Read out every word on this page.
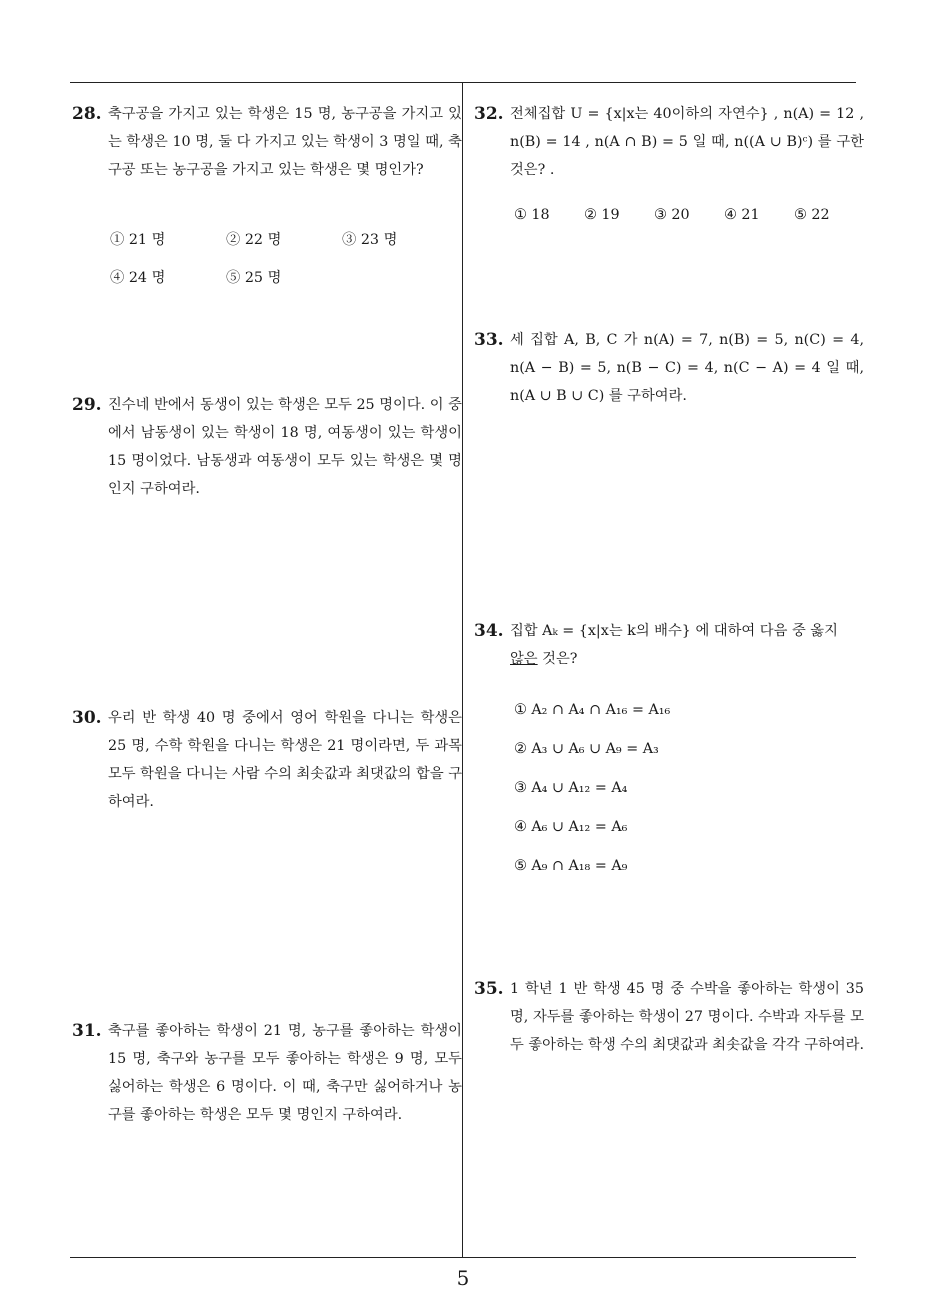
28. 축구공을 가지고 있는 학생은 15 명, 농구공을 가지고 있는 학생은 10 명, 둘 다 가지고 있는 학생이 3 명일 때, 축구공 또는 농구공을 가지고 있는 학생은 몇 명인가?
① 21 명	② 22 명	③ 23 명
④ 24 명	⑤ 25 명
29. 진수네 반에서 동생이 있는 학생은 모두 25 명이다. 이 중에서 남동생이 있는 학생이 18 명, 여동생이 있는 학생이 15 명이었다. 남동생과 여동생이 모두 있는 학생은 몇 명인지 구하여라.
30. 우리 반 학생 40 명 중에서 영어 학원을 다니는 학생은 25 명, 수학 학원을 다니는 학생은 21 명이라면, 두 과목 모두 학원을 다니는 사람 수의 최솟값과 최댓값의 합을 구하여라.
31. 축구를 좋아하는 학생이 21 명, 농구를 좋아하는 학생이 15 명, 축구와 농구를 모두 좋아하는 학생은 9 명, 모두 싫어하는 학생은 6 명이다. 이 때, 축구만 싫어하거나 농구를 좋아하는 학생은 모두 몇 명인지 구하여라.
32. 전체집합 U = {x|x는 40이하의 자연수} , n(A) = 12 , n(B) = 14 , n(A ∩ B) = 5 일 때, n((A ∪ B)ᶜ) 를 구한 것은? .
① 18 ② 19 ③ 20 ④ 21 ⑤ 22
33. 세 집합 A, B, C 가 n(A) = 7, n(B) = 5, n(C) = 4, n(A − B) = 5, n(B − C) = 4, n(C − A) = 4 일 때, n(A ∪ B ∪ C) 를 구하여라.
34. 집합 Aₖ = {x|x는 k의 배수} 에 대하여 다음 중 옳지
않은 것은?
① A₂ ∩ A₄ ∩ A₁₆ = A₁₆
② A₃ ∪ A₆ ∪ A₉ = A₃
③ A₄ ∪ A₁₂ = A₄
④ A₆ ∪ A₁₂ = A₆
⑤ A₉ ∩ A₁₈ = A₉
35. 1 학년 1 반 학생 45 명 중 수박을 좋아하는 학생이 35 명, 자두를 좋아하는 학생이 27 명이다. 수박과 자두를 모두 좋아하는 학생 수의 최댓값과 최솟값을 각각 구하여라.
5
